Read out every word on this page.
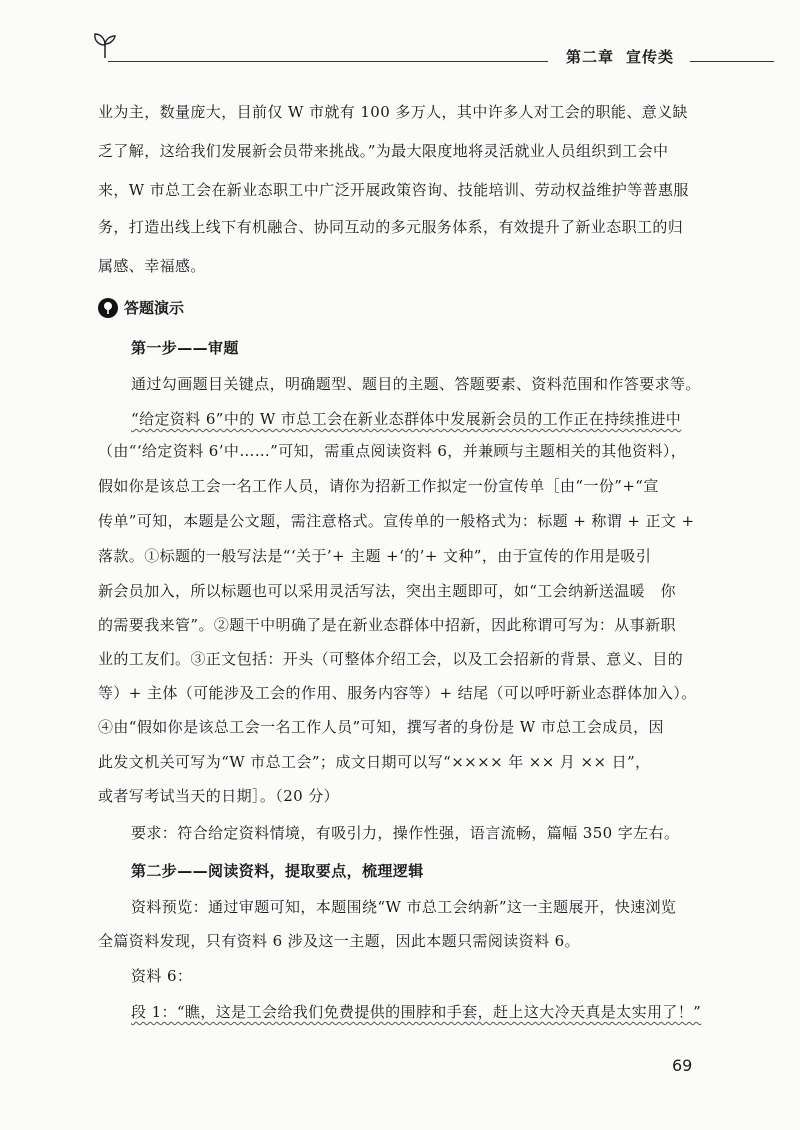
第二章 宣传类
业为主，数量庞大，目前仅 W 市就有 100 多万人，其中许多人对工会的职能、意义缺
乏了解，这给我们发展新会员带来挑战。”为最大限度地将灵活就业人员组织到工会中
来，W 市总工会在新业态职工中广泛开展政策咨询、技能培训、劳动权益维护等普惠服
务，打造出线上线下有机融合、协同互动的多元服务体系，有效提升了新业态职工的归
属感、幸福感。
答题演示
第一步——审题
通过勾画题目关键点，明确题型、题目的主题、答题要素、资料范围和作答要求等。
“给定资料 6”中的 W 市总工会在新业态群体中发展新会员的工作正在持续推进中
（由“‘给定资料 6’中……”可知，需重点阅读资料 6，并兼顾与主题相关的其他资料），
假如你是该总工会一名工作人员，请你为招新工作拟定一份宣传单［由“一份”+“宣
传单”可知，本题是公文题，需注意格式。宣传单的一般格式为：标题 + 称谓 + 正文 +
落款。①标题的一般写法是“‘关于’+ 主题 +‘的’+ 文种”，由于宣传的作用是吸引
新会员加入，所以标题也可以采用灵活写法，突出主题即可，如“工会纳新送温暖　你
的需要我来管”。②题干中明确了是在新业态群体中招新，因此称谓可写为：从事新职
业的工友们。③正文包括：开头（可整体介绍工会，以及工会招新的背景、意义、目的
等）+ 主体（可能涉及工会的作用、服务内容等）+ 结尾（可以呼吁新业态群体加入）。
④由“假如你是该总工会一名工作人员”可知，撰写者的身份是 W 市总工会成员，因
此发文机关可写为“W 市总工会”；成文日期可以写“×××× 年 ×× 月 ×× 日”，
或者写考试当天的日期］。（20 分）
要求：符合给定资料情境，有吸引力，操作性强，语言流畅，篇幅 350 字左右。
第二步——阅读资料，提取要点，梳理逻辑
资料预览：通过审题可知，本题围绕“W 市总工会纳新”这一主题展开，快速浏览
全篇资料发现，只有资料 6 涉及这一主题，因此本题只需阅读资料 6。
资料 6：
段 1：“瞧，这是工会给我们免费提供的围脖和手套，赶上这大冷天真是太实用了！”
69
